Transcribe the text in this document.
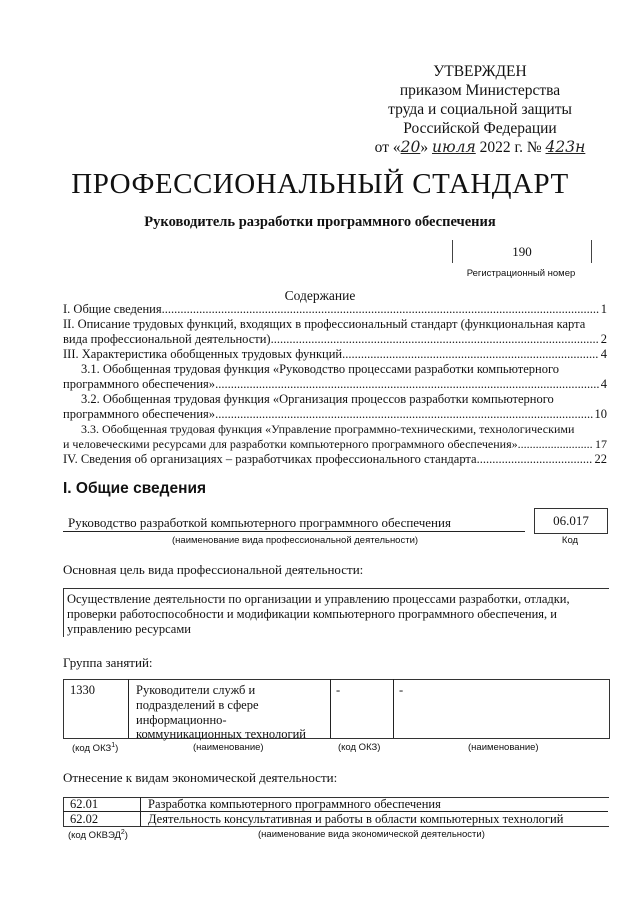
УТВЕРЖДЕН
приказом Министерства
труда и социальной защиты
Российской Федерации
от «20» июля 2022 г. № 423н
ПРОФЕССИОНАЛЬНЫЙ СТАНДАРТ
Руководитель разработки программного обеспечения
190
Регистрационный номер
Содержание
I. Общие сведения .....	1
II. Описание трудовых функций, входящих в профессиональный стандарт (функциональная карта
вида профессиональной деятельности) .....	2
III. Характеристика обобщенных трудовых функций .....	4
3.1. Обобщенная трудовая функция «Руководство процессами разработки компьютерного
программного обеспечения» .....	4
3.2. Обобщенная трудовая функция «Организация процессов разработки компьютерного
программного обеспечения» .....	10
3.3. Обобщенная трудовая функция «Управление программно-техническими, технологическими
и человеческими ресурсами для разработки компьютерного программного обеспечения» .....	17
IV. Сведения об организациях – разработчиках профессионального стандарта .....	22
I. Общие сведения
Руководство разработкой компьютерного программного обеспечения
(наименование вида профессиональной деятельности)
06.017
Код
Основная цель вида профессиональной деятельности:
Осуществление деятельности по организации и управлению процессами разработки, отладки,
проверки работоспособности и модификации компьютерного программного обеспечения, и
управлению ресурсами
Группа занятий:
1330	Руководители служб и
подразделений в сфере
информационно-
коммуникационных технологий
-	-
(код ОКЗ$^1$)	(наименование)	(код ОКЗ)	(наименование)
Отнесение к видам экономической деятельности:
62.01	Разработка компьютерного программного обеспечения
62.02	Деятельность консультативная и работы в области компьютерных технологий
(код ОКВЭД$^2$)	(наименование вида экономической деятельности)
